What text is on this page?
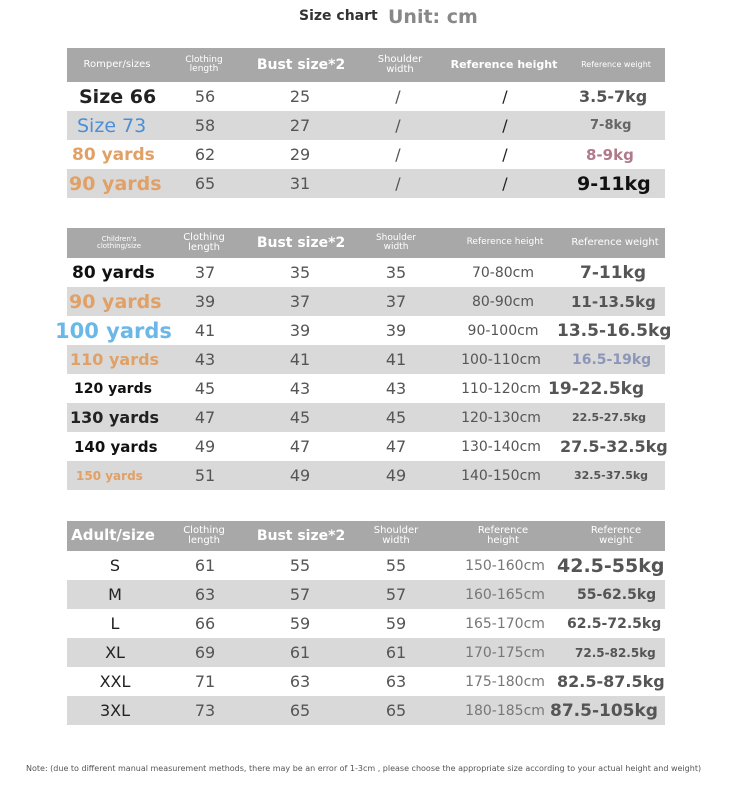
Size chart Unit: cm
Romper/sizes	Clothing length	Bust size*2	Shoulder width	Reference height	Reference weight
Size 66	56	25	/	/	3.5-7kg
Size 73	58	27	/	/	7-8kg
80 yards	62	29	/	/	8-9kg
90 yards	65	31	/	/	9-11kg
Children's clothing/size
Clothing length	Bust size*2	Shoulder width	Reference height	Reference weight
80 yards	37	35	35	70-80cm	7-11kg
90 yards	39	37	37	80-90cm	11-13.5kg
100 yards	41	39	39	90-100cm	13.5-16.5kg
110 yards	43	41	41	100-110cm	16.5-19kg
120 yards	45	43	43	110-120cm 19-22.5kg
130 yards	47	45	45	120-130cm	22.5-27.5kg
140 yards	49	47	47	130-140cm	27.5-32.5kg
150 yards	51	49	49	140-150cm	32.5-37.5kg
Adult/size	Clothing length	Bust size*2	Shoulder width
Reference height
Reference weight
S	61	55	55	150-160cm 42.5-55kg
M	63	57	57	160-165cm	55-62.5kg
L	66	59	59	165-170cm	62.5-72.5kg
XL	69	61	61	170-175cm	72.5-82.5kg
XXL	71	63	63	175-180cm 82.5-87.5kg
3XL	73	65	65	180-185cm 87.5-105kg
Note: (due to different manual measurement methods, there may be an error of 1-3cm , please choose the appropriate size according to your actual height and weight)
